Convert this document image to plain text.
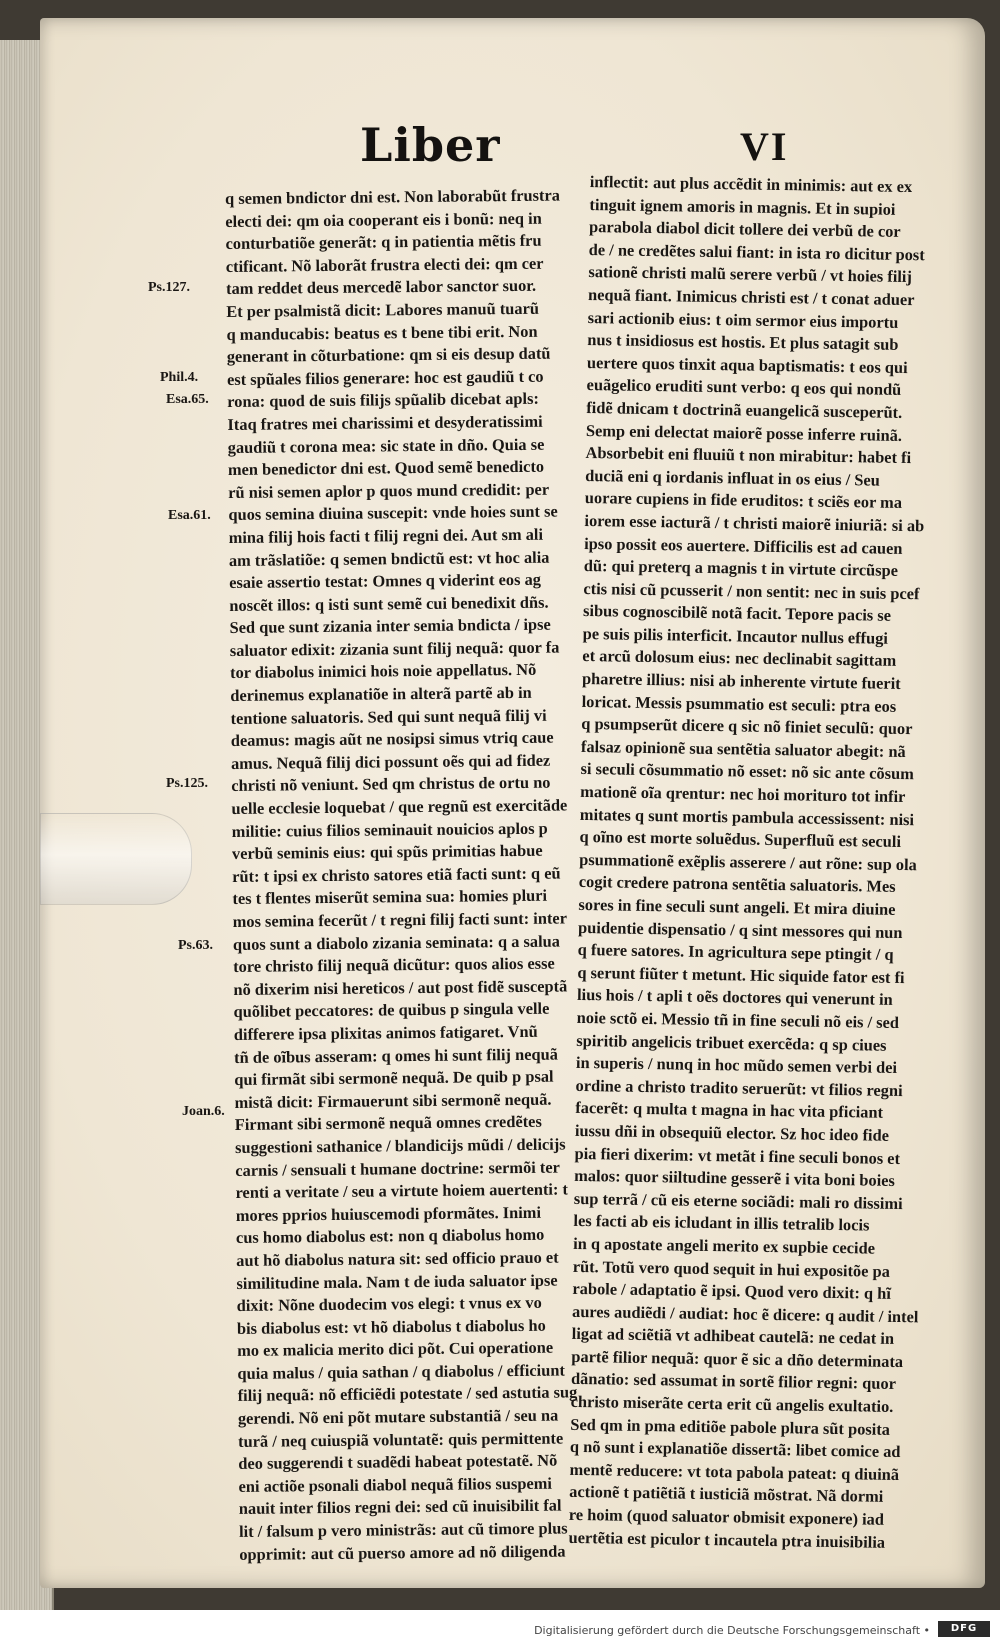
Liber	VI
Ps.127.
Phil.4.
Esa.65.
Esa.61.
Ps.125.
Ps.63.
Joan.6.
q semen bndictor dni est. Non laborabũt frustra
electi dei: qm oia cooperant eis i bonũ: neq in
conturbatiõe generãt: q in patientia mẽtis fru
ctificant. Nõ laborãt frustra electi dei: qm cer
tam reddet deus mercedẽ labor sanctor suor.
Et per psalmistã dicit: Labores manuũ tuarũ
q manducabis: beatus es t bene tibi erit. Non
generant in cõturbatione: qm si eis desup datũ
est spũales filios generare: hoc est gaudiũ t co
rona: quod de suis filijs spũalib dicebat apls:
Itaq fratres mei charissimi et desyderatissimi
gaudiũ t corona mea: sic state in dño. Quia se
men benedictor dni est. Quod semẽ benedicto
rũ nisi semen aplor p quos mund credidit: per
quos semina diuina suscepit: vnde hoies sunt se
mina filij hois facti t filij regni dei. Aut sm ali
am trãslatiõe: q semen bndictũ est: vt hoc alia
esaie assertio testat: Omnes q viderint eos ag
noscẽt illos: q isti sunt semẽ cui benedixit dñs.
Sed que sunt zizania inter semia bndicta / ipse
saluator edixit: zizania sunt filij nequã: quor fa
tor diabolus inimici hois noie appellatus. Nõ
derinemus explanatiõe in alterã partẽ ab in
tentione saluatoris. Sed qui sunt nequã filij vi
deamus: magis aũt ne nosipsi simus vtriq caue
amus. Nequã filij dici possunt oẽs qui ad fidez
christi nõ veniunt. Sed qm christus de ortu no
uelle ecclesie loquebat / que regnũ est exercitãde
militie: cuius filios seminauit nouicios aplos p
verbũ seminis eius: qui spũs primitias habue
rũt: t ipsi ex christo satores etiã facti sunt: q eũ
tes t flentes miserũt semina sua: homies pluri
mos semina fecerũt / t regni filij facti sunt: inter
quos sunt a diabolo zizania seminata: q a salua
tore christo filij nequã dicũtur: quos alios esse
nõ dixerim nisi hereticos / aut post fidẽ susceptã
quõlibet peccatores: de quibus p singula velle
differere ipsa plixitas animos fatigaret. Vnũ
tñ de oĩbus asseram: q omes hi sunt filij nequã
qui firmãt sibi sermonẽ nequã. De quib p psal
mistã dicit: Firmauerunt sibi sermonẽ nequã.
Firmant sibi sermonẽ nequã omnes credẽtes
suggestioni sathanice / blandicijs mũdi / delicijs
carnis / sensuali t humane doctrine: sermõi ter
renti a veritate / seu a virtute hoiem auertenti: t
mores pprios huiuscemodi pformãtes. Inimi
cus homo diabolus est: non q diabolus homo
aut hõ diabolus natura sit: sed officio prauo et
similitudine mala. Nam t de iuda saluator ipse
dixit: Nõne duodecim vos elegi: t vnus ex vo
bis diabolus est: vt hõ diabolus t diabolus ho
mo ex malicia merito dici põt. Cui operatione
quia malus / quia sathan / q diabolus / efficiunt
filij nequã: nõ efficiẽdi potestate / sed astutia sug
gerendi. Nõ eni põt mutare substantiã / seu na
turã / neq cuiuspiã voluntatẽ: quis permittente
deo suggerendi t suadẽdi habeat potestatẽ. Nõ
eni actiõe psonali diabol nequã filios suspemi
nauit inter filios regni dei: sed cũ inuisibilit fal
lit / falsum p vero ministrãs: aut cũ timore plus
opprimit: aut cũ puerso amore ad nõ diligenda
inflectit: aut plus accẽdit in minimis: aut ex ex
tinguit ignem amoris in magnis. Et in supioi
parabola diabol dicit tollere dei verbũ de cor
de / ne credẽtes salui fiant: in ista ro dicitur post
sationẽ christi malũ serere verbũ / vt hoies filij
nequã fiant. Inimicus christi est / t conat aduer
sari actionib eius: t oim sermor eius importu
nus t insidiosus est hostis. Et plus satagit sub
uertere quos tinxit aqua baptismatis: t eos qui
euãgelico eruditi sunt verbo: q eos qui nondũ
fidẽ dnicam t doctrinã euangelicã susceperũt.
Semp eni delectat maiorẽ posse inferre ruinã.
Absorbebit eni fluuiũ t non mirabitur: habet fi
duciã eni q iordanis influat in os eius / Seu
uorare cupiens in fide eruditos: t sciẽs eor ma
iorem esse iacturã / t christi maiorẽ iniuriã: si ab
ipso possit eos auertere. Difficilis est ad cauen
dũ: qui preterq a magnis t in virtute circũspe
ctis nisi cũ pcusserit / non sentit: nec in suis pcef
sibus cognoscibilẽ notã facit. Tepore pacis se
pe suis pilis interficit. Incautor nullus effugi
et arcũ dolosum eius: nec declinabit sagittam
pharetre illius: nisi ab inherente virtute fuerit
loricat. Messis psummatio est seculi: ptra eos
q psumpserũt dicere q sic nõ finiet seculũ: quor
falsaz opinionẽ sua sentẽtia saluator abegit: nã
si seculi cõsummatio nõ esset: nõ sic ante cõsum
mationẽ oĩa qrentur: nec hoi moriturо tot infir
mitates q sunt mortis pambula accessissent: nisi
q oĩno est morte soluẽdus. Superfluũ est seculi
psummationẽ exẽplis asserere / aut rõne: sup ola
cogit credere patrona sentẽtia saluatoris. Mes
sores in fine seculi sunt angeli. Et mira diuine
puidentie dispensatio / q sint messores qui nun
q fuere satores. In agricultura sepe ptingit / q
q serunt fiũter t metunt. Hic siquide fator est fi
lius hois / t apli t oẽs doctores qui venerunt in
noie sctõ ei. Messio tñ in fine seculi nõ eis / sed
spiritib angelicis tribuet exercẽda: q sp ciues
in superis / nunq in hoc mũdo semen verbi dei
ordine a christo tradito seruerũt: vt filios regni
facerẽt: q multa t magna in hac vita pficiant
iussu dñi in obsequiũ elector. Sz hoc ideo fide
pia fieri dixerim: vt metãt i fine seculi bonos et
malos: quor siiltudine gesserẽ i vita boni boies
sup terrã / cũ eis eterne sociãdi: mali ro dissimi
les facti ab eis icludant in illis tetralib locis
in q apostate angeli merito ex supbie cecide
rũt. Totũ vero quod sequit in hui expositõe pa
rabole / adaptatio ẽ ipsi. Quod vero dixit: q hĩ
aures audiẽdi / audiat: hoc ẽ dicere: q audit / intel
ligat ad sciẽtiã vt adhibeat cautelã: ne cedat in
partẽ filior nequã: quor ẽ sic a dño determinata
dãnatio: sed assumat in sortẽ filior regni: quor
christo miserãte certa erit cũ angelis exultatio.
Sed qm in pma editiõe pabole plura sũt posita
q nõ sunt i explanatiõe dissertã: libet comice ad
mentẽ reducere: vt tota pabola pateat: q diuinã
actionẽ t patiẽtiã t iusticiã mõstrat. Nã dormi
re hoim (quod saluator obmisit exponere) iad
uertẽtia est piculor t incautela ptra inuisibilia
Digitalisierung gefördert durch die Deutsche Forschungsgemeinschaft •	DFG
